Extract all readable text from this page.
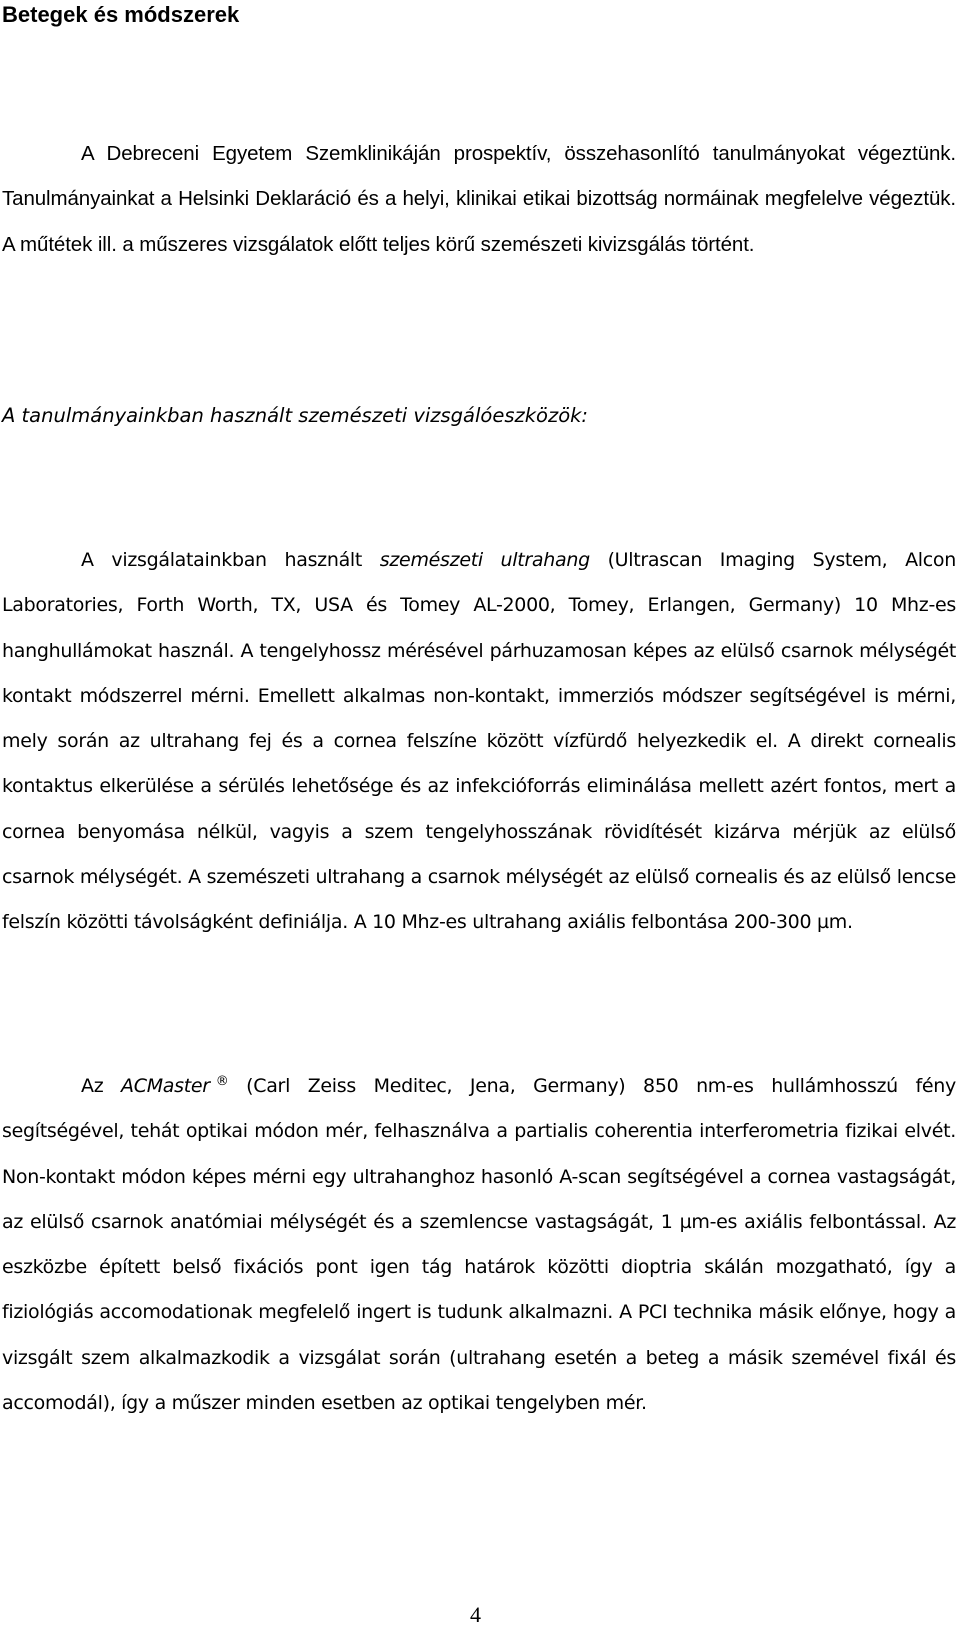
Betegek és módszerek

A Debreceni Egyetem Szemklinikáján prospektív, összehasonlító tanulmányokat végeztünk. Tanulmányainkat a Helsinki Deklaráció és a helyi, klinikai etikai bizottság normáinak megfelelve végeztük. A műtétek ill. a műszeres vizsgálatok előtt teljes körű szemészeti kivizsgálás történt.

A tanulmányainkban használt szemészeti vizsgálóeszközök:

A vizsgálatainkban használt szemészeti ultrahang (Ultrascan Imaging System, Alcon Laboratories, Forth Worth, TX, USA és Tomey AL-2000, Tomey, Erlangen, Germany) 10 Mhz-es hanghullámokat használ. A tengelyhossz mérésével párhuzamosan képes az elülső csarnok mélységét kontakt módszerrel mérni. Emellett alkalmas non-kontakt, immerziós módszer segítségével is mérni, mely során az ultrahang fej és a cornea felszíne között vízfürdő helyezkedik el. A direkt cornealis kontaktus elkerülése a sérülés lehetősége és az infekcióforrás eliminálása mellett azért fontos, mert a cornea benyomása nélkül, vagyis a szem tengelyhosszának rövidítését kizárva mérjük az elülső csarnok mélységét. A szemészeti ultrahang a csarnok mélységét az elülső cornealis és az elülső lencse felszín közötti távolságként definiálja. A 10 Mhz-es ultrahang axiális felbontása 200-300 µm.

Az ACMaster ® (Carl Zeiss Meditec, Jena, Germany) 850 nm-es hullámhosszú fény segítségével, tehát optikai módon mér, felhasználva a partialis coherentia interferometria fizikai elvét. Non-kontakt módon képes mérni egy ultrahanghoz hasonló A-scan segítségével a cornea vastagságát, az elülső csarnok anatómiai mélységét és a szemlencse vastagságát, 1 µm-es axiális felbontással. Az eszközbe épített belső fixációs pont igen tág határok közötti dioptria skálán mozgatható, így a fiziológiás accomodationak megfelelő ingert is tudunk alkalmazni. A PCI technika másik előnye, hogy a vizsgált szem alkalmazkodik a vizsgálat során (ultrahang esetén a beteg a másik szemével fixál és accomodál), így a műszer minden esetben az optikai tengelyben mér.

4
